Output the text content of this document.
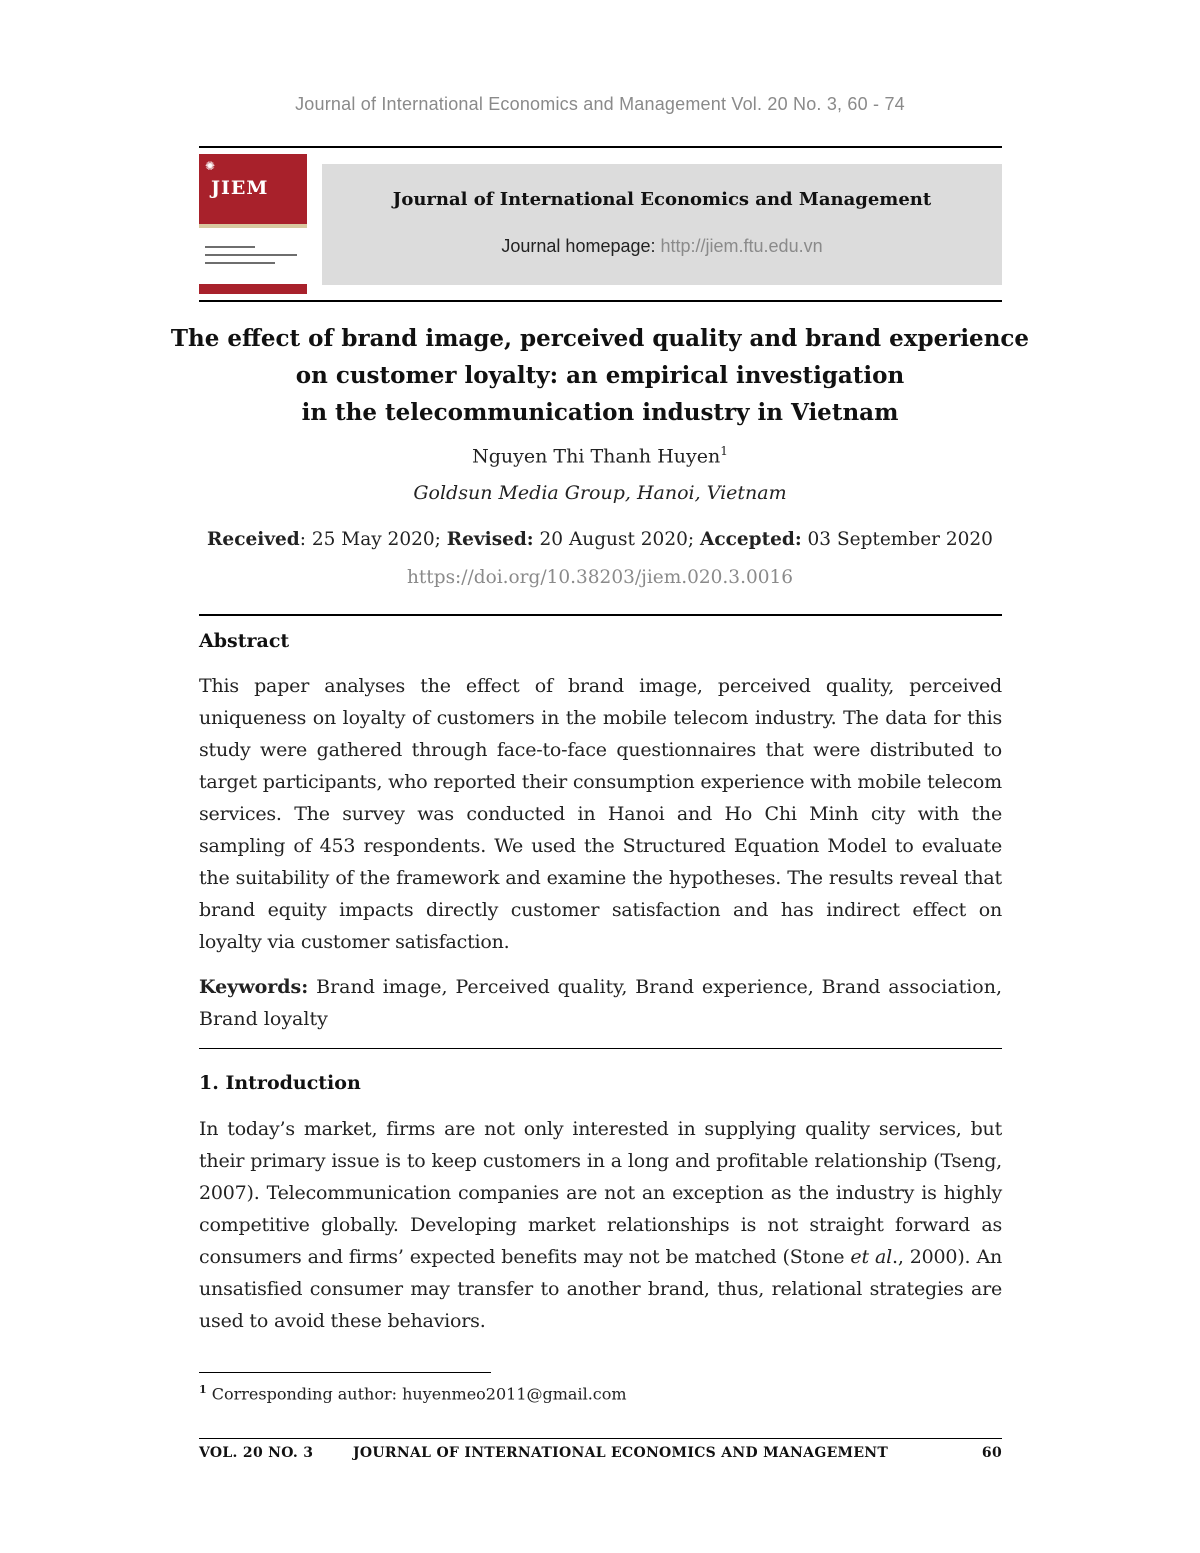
Journal of International Economics and Management Vol. 20 No. 3, 60 - 74
✺
JIEM
Journal of International Economics and Management
Journal homepage: http://jiem.ftu.edu.vn
The effect of brand image, perceived quality and brand experience
on customer loyalty: an empirical investigation
in the telecommunication industry in Vietnam
Nguyen Thi Thanh Huyen$^1$
Goldsun Media Group, Hanoi, Vietnam
Received: 25 May 2020; Revised: 20 August 2020; Accepted: 03 September 2020
https://doi.org/10.38203/jiem.020.3.0016
Abstract
This paper analyses the effect of brand image, perceived quality, perceived uniqueness on loyalty of customers in the mobile telecom industry. The data for this study were gathered through face-to-face questionnaires that were distributed to target participants, who reported their consumption experience with mobile telecom services. The survey was conducted in Hanoi and Ho Chi Minh city with the sampling of 453 respondents. We used the Structured Equation Model to evaluate the suitability of the framework and examine the hypotheses. The results reveal that brand equity impacts directly customer satisfaction and has indirect effect on loyalty via customer satisfaction.
Keywords: Brand image, Perceived quality, Brand experience, Brand association, Brand loyalty
1. Introduction
In today’s market, firms are not only interested in supplying quality services, but their primary issue is to keep customers in a long and profitable relationship (Tseng, 2007). Telecommunication companies are not an exception as the industry is highly competitive globally. Developing market relationships is not straight forward as consumers and firms’ expected benefits may not be matched (Stone et al., 2000). An unsatisfied consumer may transfer to another brand, thus, relational strategies are used to avoid these behaviors.
$^1$ Corresponding author: huyenmeo2011@gmail.com
VOL. 20 NO. 3	JOURNAL OF INTERNATIONAL ECONOMICS AND MANAGEMENT	60
